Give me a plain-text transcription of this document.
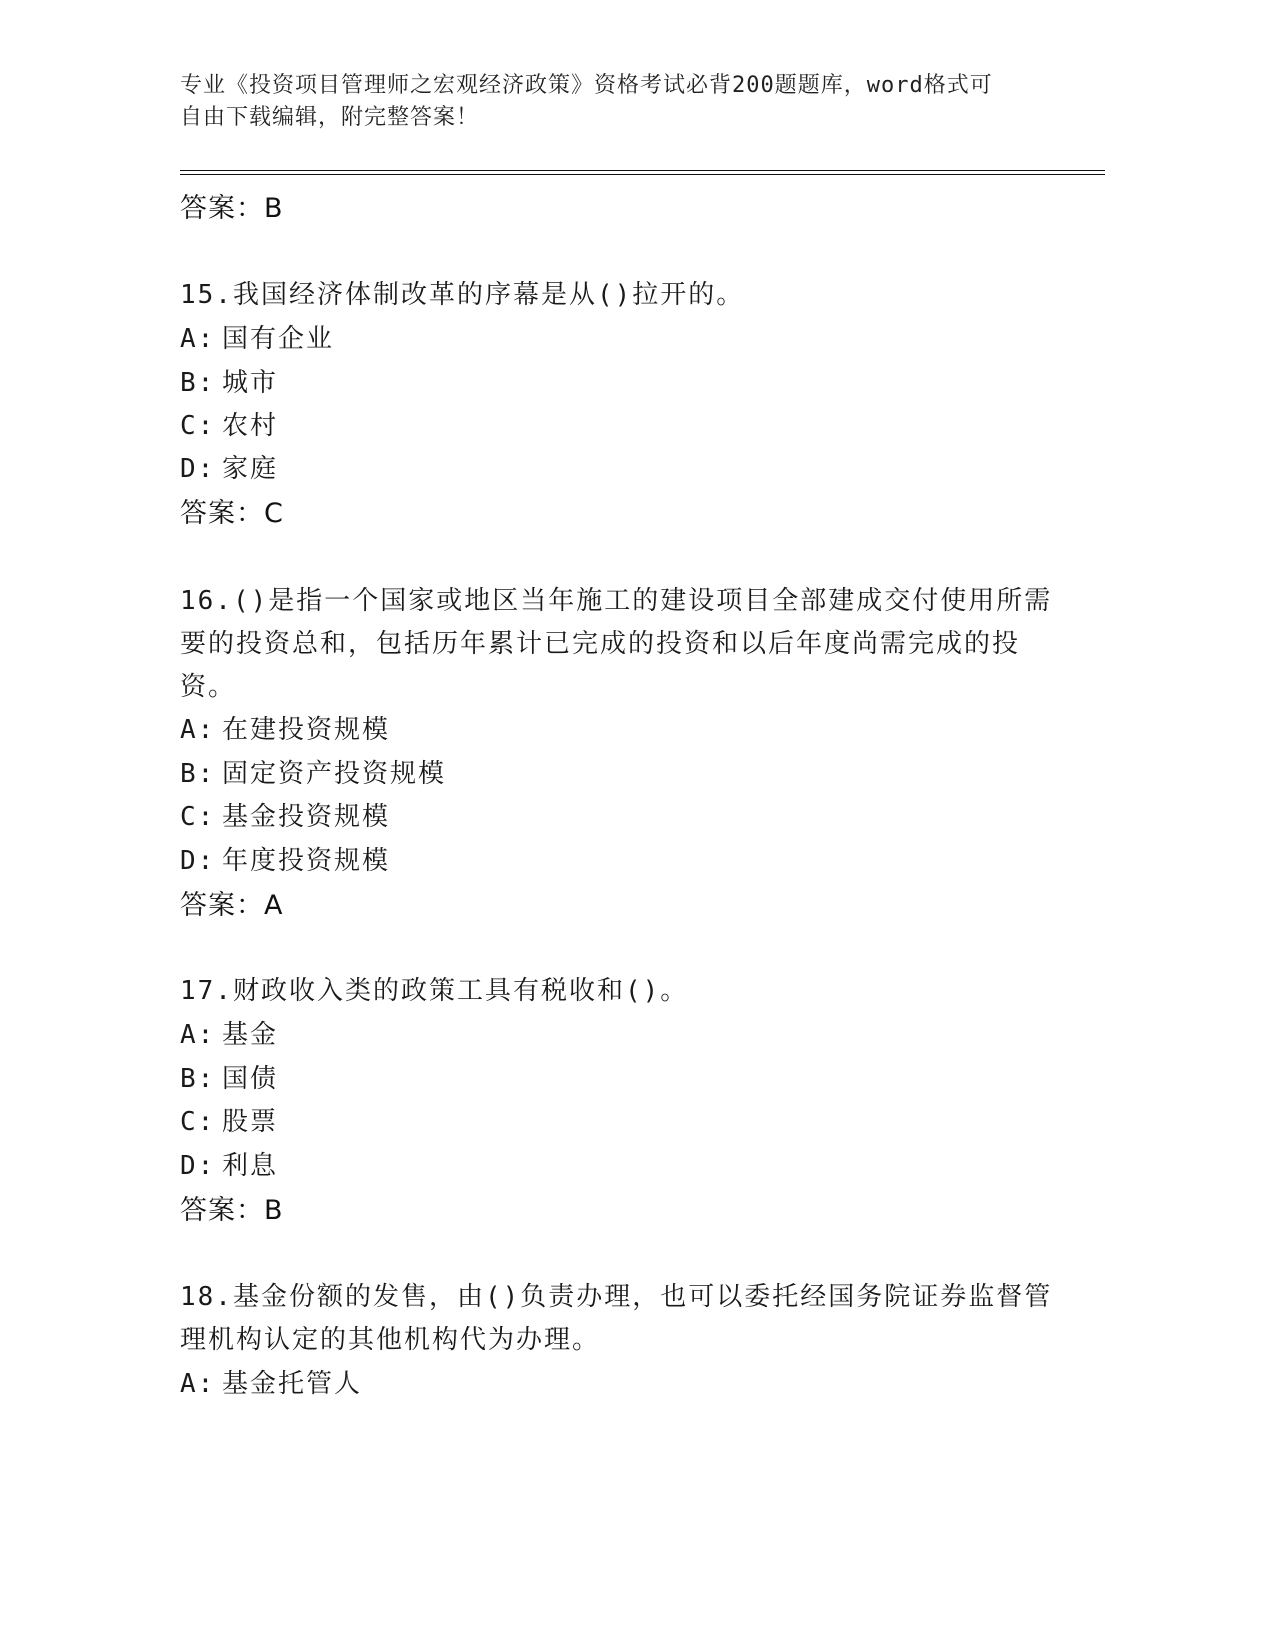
专业《投资项目管理师之宏观经济政策》资格考试必背200题题库，word格式可
自由下载编辑，附完整答案！
答案：B
15.我国经济体制改革的序幕是从()拉开的。
A: 国有企业
B: 城市
C: 农村
D: 家庭
答案：C
16.()是指一个国家或地区当年施工的建设项目全部建成交付使用所需
要的投资总和，包括历年累计已完成的投资和以后年度尚需完成的投
资。
A: 在建投资规模
B: 固定资产投资规模
C: 基金投资规模
D: 年度投资规模
答案：A
17.财政收入类的政策工具有税收和()。
A: 基金
B: 国债
C: 股票
D: 利息
答案：B
18.基金份额的发售，由()负责办理，也可以委托经国务院证券监督管
理机构认定的其他机构代为办理。
A: 基金托管人
